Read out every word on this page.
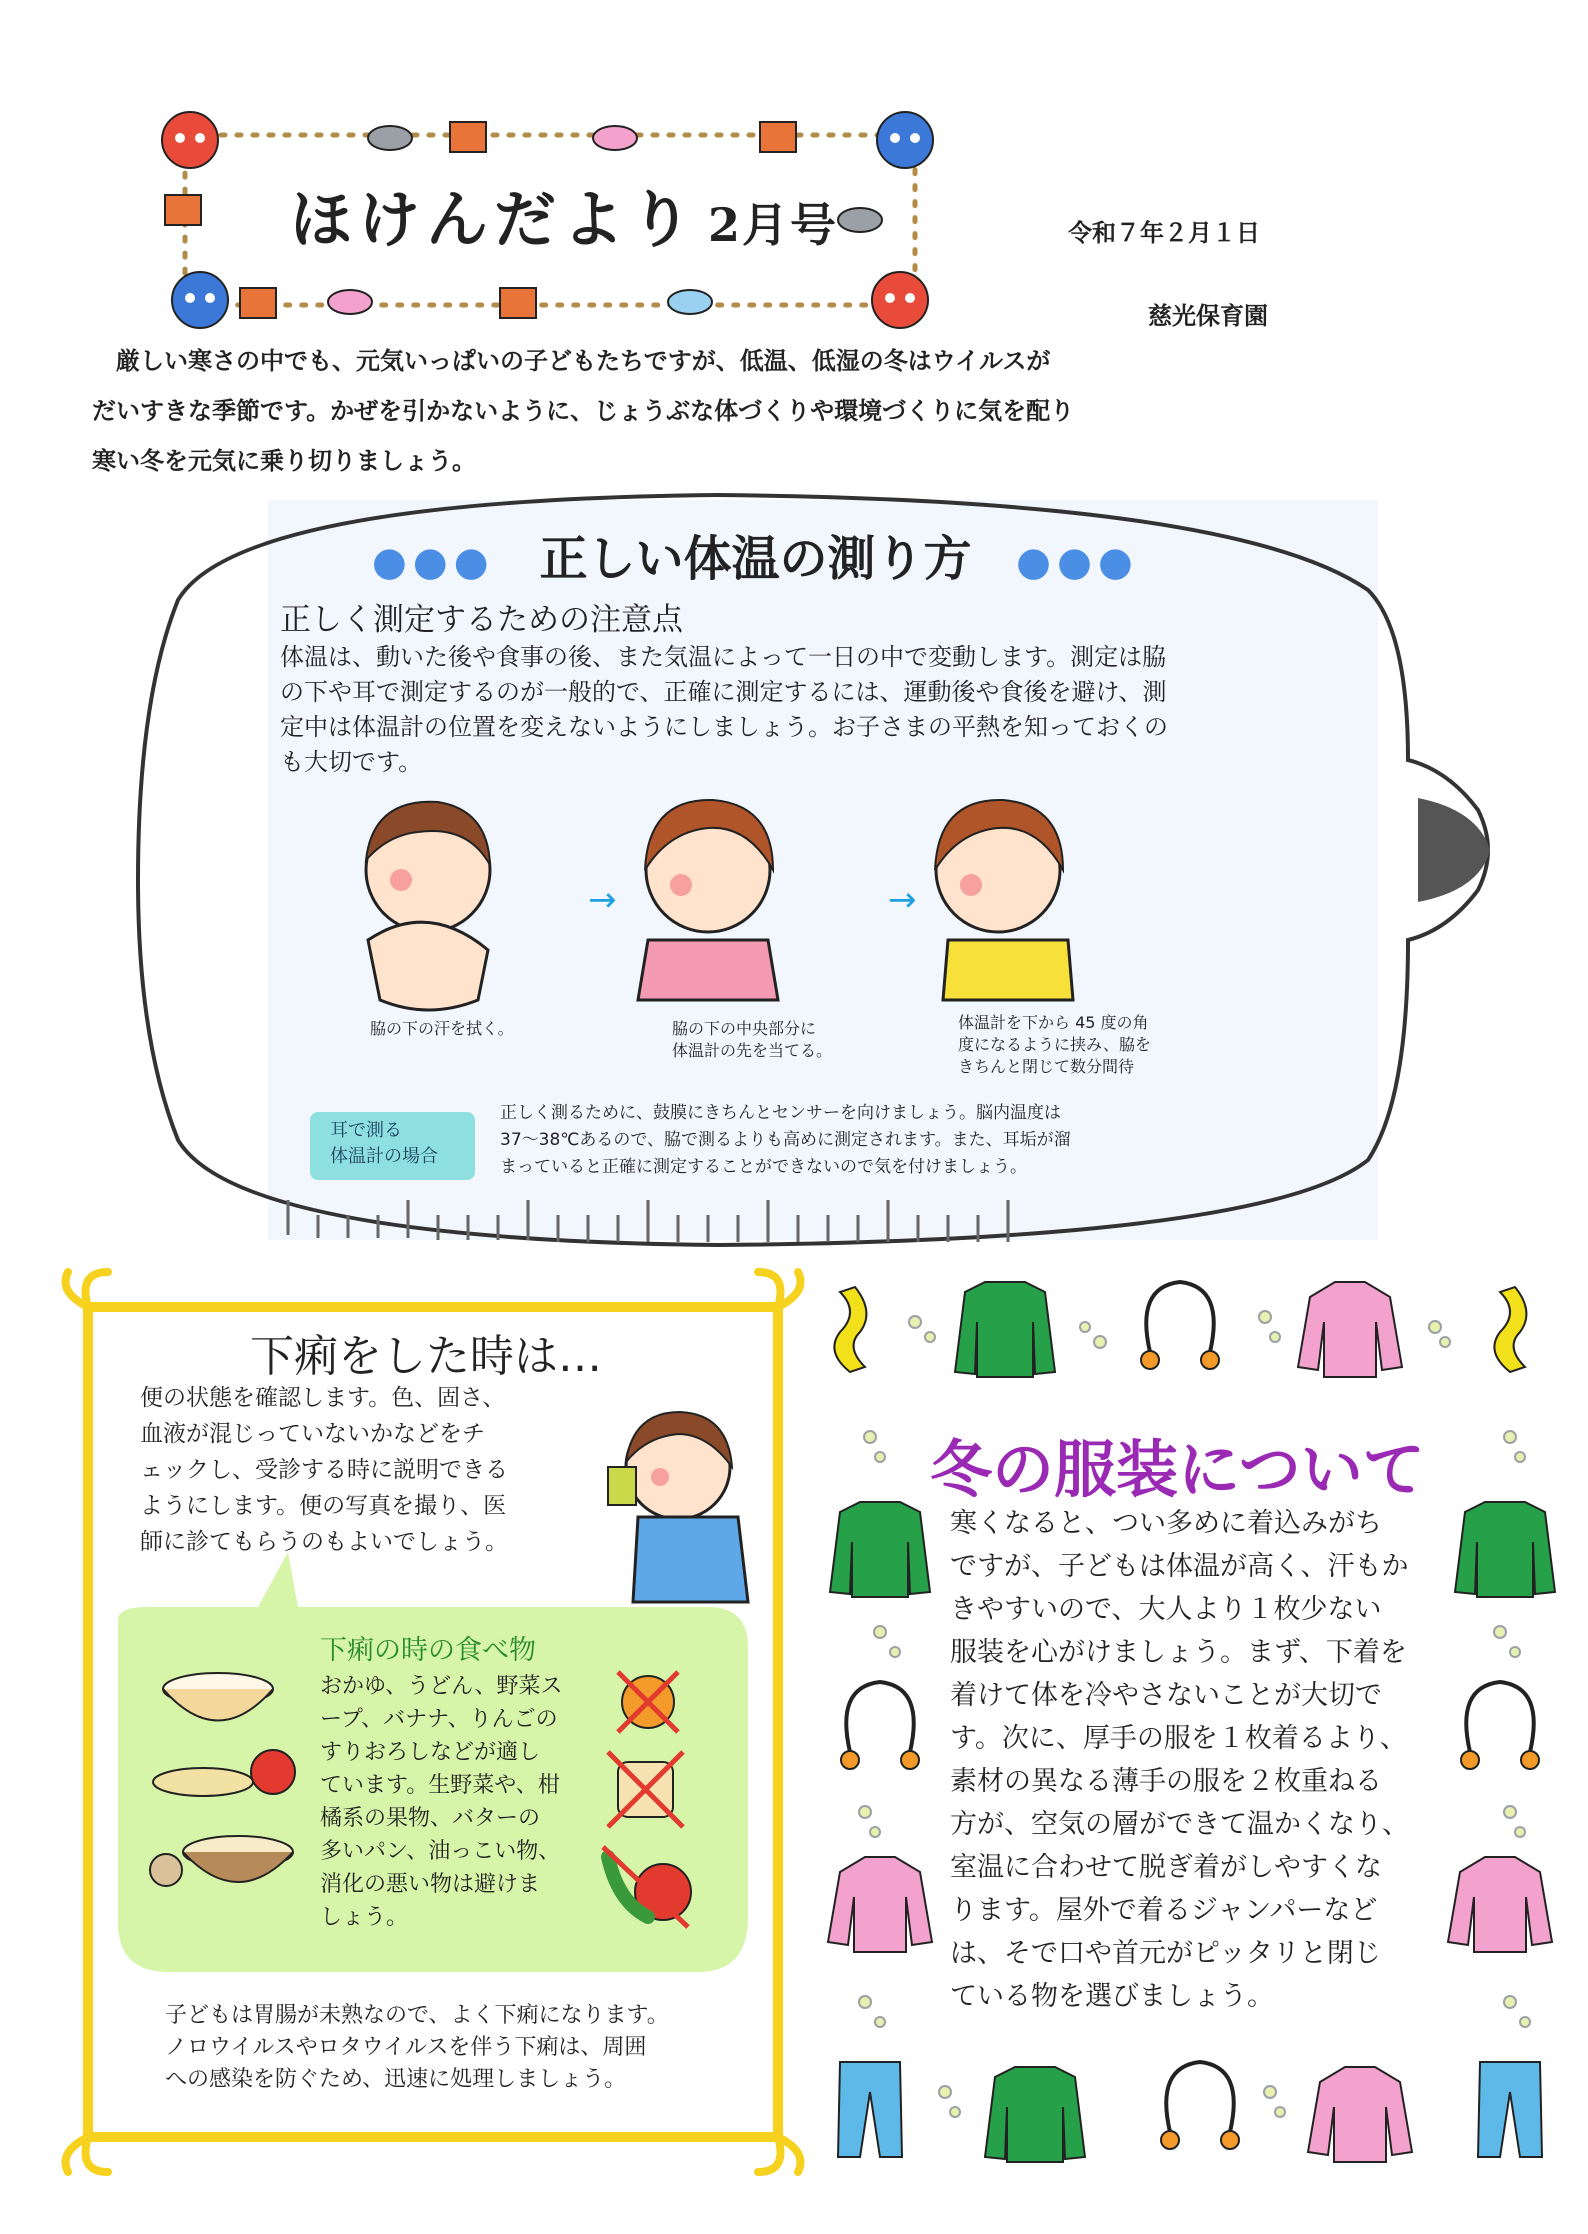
ほけんだより 2月号	令和７年２月１日
慈光保育園

　厳しい寒さの中でも、元気いっぱいの子どもたちですが、低温、低湿の冬はウイルスが

だいすきな季節です。かぜを引かないように、じょうぶな体づくりや環境づくりに気を配り

寒い冬を元気に乗り切りましょう。

●●● 正しい体温の測り方 ●●●
正しく測定するための注意点

体温は、動いた後や食事の後、また気温によって一日の中で変動します。測定は脇

の下や耳で測定するのが一般的で、正確に測定するには、運動後や食後を避け、測

定中は体温計の位置を変えないようにしましょう。お子さまの平熱を知っておくの

も大切です。

→	→

脇の下の汗を拭く。	脇の下の中央部分に

体温計の先を当てる。

体温計を下から 45 度の角

度になるように挟み、脇を

きちんと閉じて数分間待

耳で測る

体温計の場合

正しく測るために、鼓膜にきちんとセンサーを向けましょう。脳内温度は

37～38℃あるので、脇で測るよりも高めに測定されます。また、耳垢が溜

まっていると正確に測定することができないので気を付けましょう。

下痢をした時は…

便の状態を確認します。色、固さ、

血液が混じっていないかなどをチ

ェックし、受診する時に説明できる

ようにします。便の写真を撮り、医

師に診てもらうのもよいでしょう。

下痢の時の食べ物

おかゆ、うどん、野菜ス

ープ、バナナ、りんごの

すりおろしなどが適し

ています。生野菜や、柑

橘系の果物、バターの

多いパン、油っこい物、

消化の悪い物は避けま

しょう。

子どもは胃腸が未熟なので、よく下痢になります。

ノロウイルスやロタウイルスを伴う下痢は、周囲

への感染を防ぐため、迅速に処理しましょう。

冬の服装について

寒くなると、つい多めに着込みがち

ですが、子どもは体温が高く、汗もか

きやすいので、大人より１枚少ない

服装を心がけましょう。まず、下着を

着けて体を冷やさないことが大切で

す。次に、厚手の服を１枚着るより、

素材の異なる薄手の服を２枚重ねる

方が、空気の層ができて温かくなり、

室温に合わせて脱ぎ着がしやすくな

ります。屋外で着るジャンパーなど

は、そで口や首元がピッタリと閉じ

ている物を選びましょう。
